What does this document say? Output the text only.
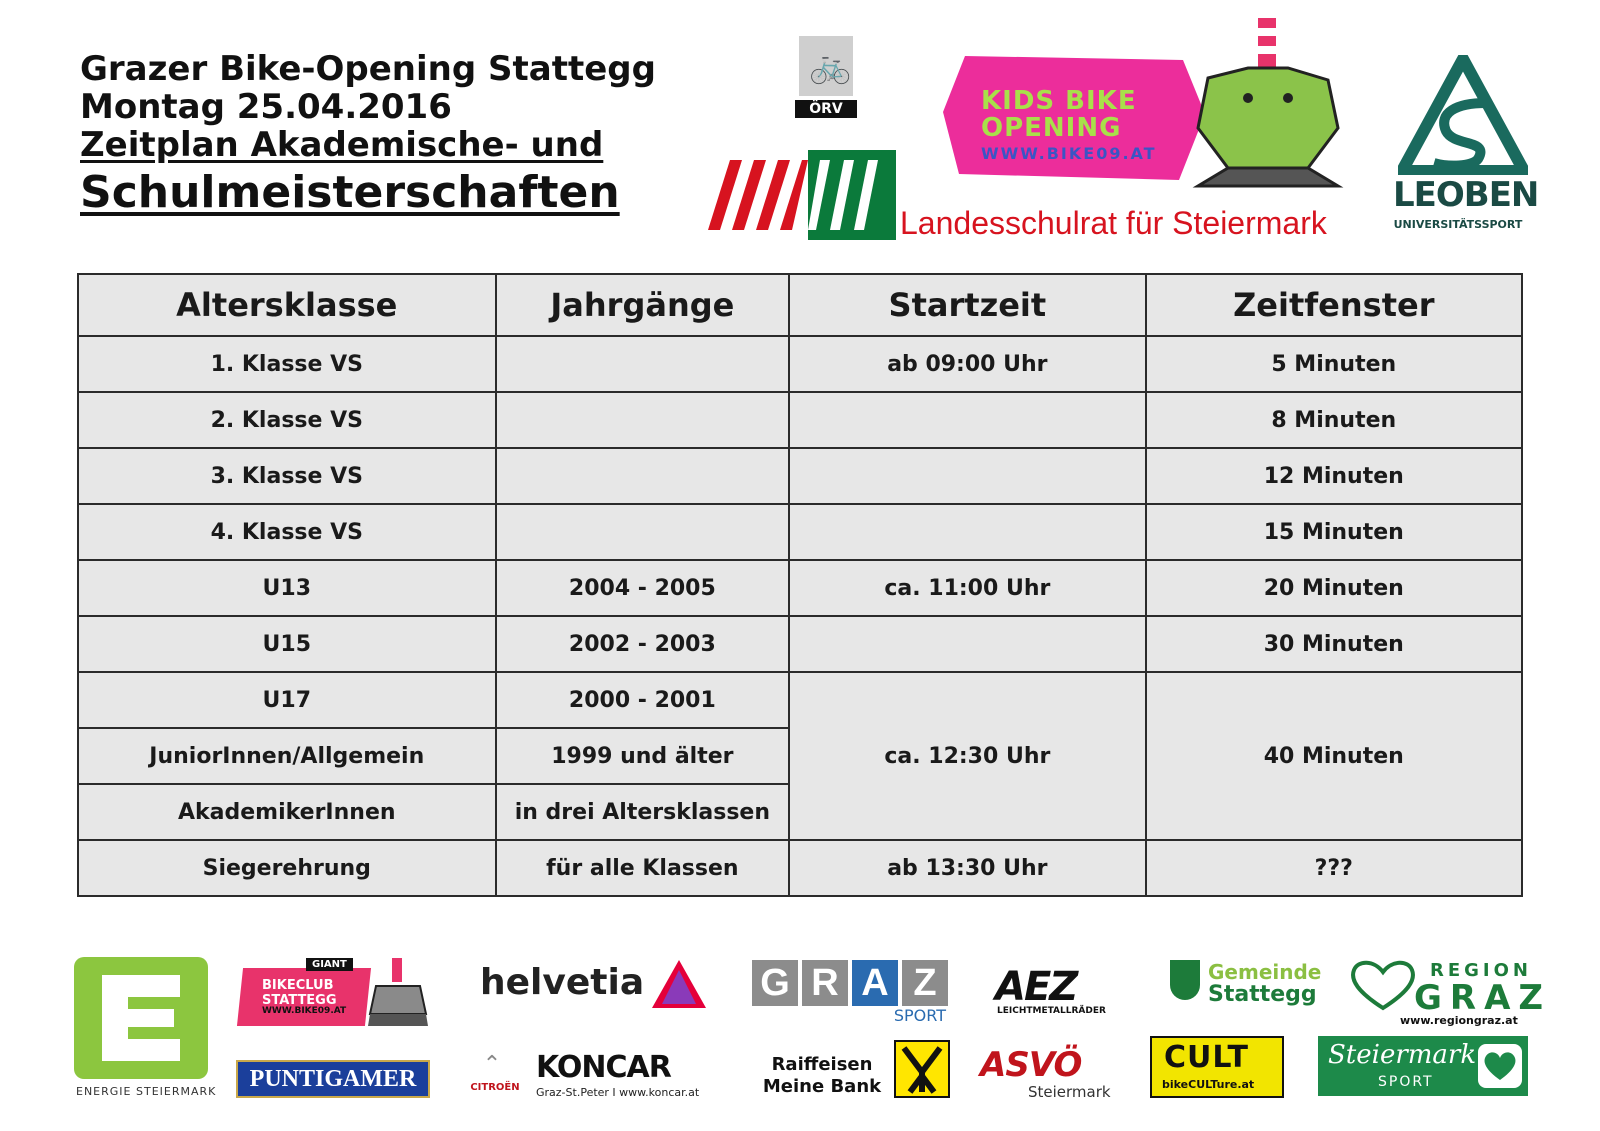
Grazer Bike-Opening Stattegg
Montag 25.04.2016
Zeitplan Akademische- und
Schulmeisterschaften
🚲
ÖRV
Landesschulrat für Steiermark
KIDS BIKE
OPENING
WWW.BIKE09.AT
LEOBEN
UNIVERSITÄTSSPORT
Altersklasse	Jahrgänge	Startzeit	Zeitfenster
1. Klasse VS		ab 09:00 Uhr	5 Minuten
2. Klasse VS			8 Minuten
3. Klasse VS			12 Minuten
4. Klasse VS			15 Minuten
U13	2004 - 2005	ca. 11:00 Uhr	20 Minuten
U15	2002 - 2003		30 Minuten
U17	2000 - 2001	ca. 12:30 Uhr	40 Minuten
JuniorInnen/Allgemein	1999 und älter		
AkademikerInnen	in drei Altersklassen		
Siegerehrung	für alle Klassen	ab 13:30 Uhr	???
ENERGIE STEIERMARK
GIANT
BIKECLUB
STATTEGG
WWW.BIKE09.AT
PUNTIGAMER
helvetia
⌃
CITROËN
KONCAR
Graz-St.Peter I www.koncar.at
G R A Z
SPORT
Raiffeisen
Meine Bank
AEZ
LEICHTMETALLRÄDER
ASVÖ
Steiermark
Gemeinde
Stattegg
CULT
bikeCULTure.at
REGION
GRAZ
www.regiongraz.at
Steiermark
SPORT
